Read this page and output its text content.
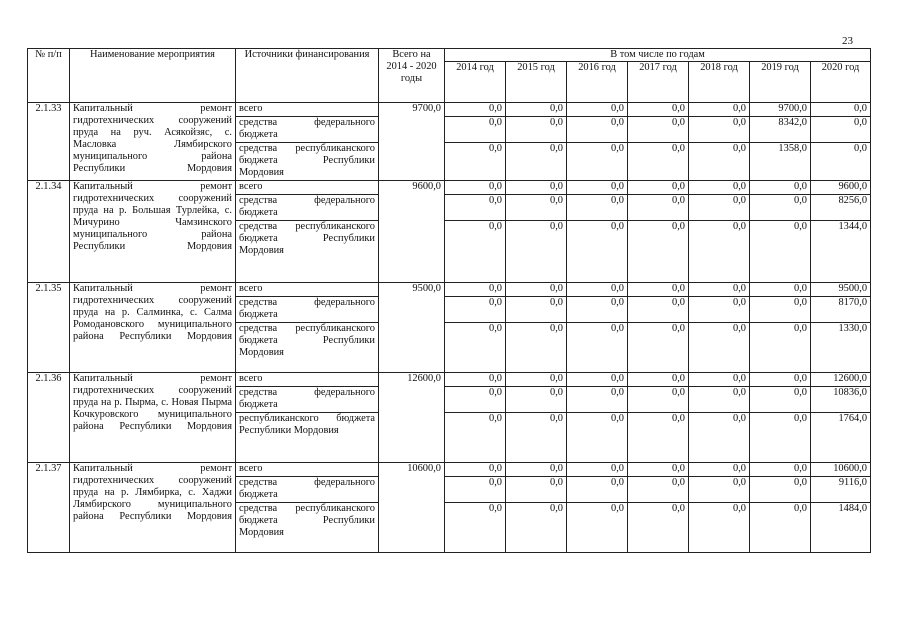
23
№ п/п	Наименование мероприятия	Источники финансирования	Всего на 2014 - 2020 годы	В том числе по годам						
				2014 год	2015 год	2016 год	2017 год	2018 год	2019 год	2020 год
2.1.33	Капитальный ремонт гидротехнических сооружений пруда на руч. Асякойзяс, с. Масловка Лямбирского муниципального района Республики Мордовия	всего	9700,0	0,0	0,0	0,0	0,0	0,0	9700,0	0,0
		средства федерального бюджета		0,0	0,0	0,0	0,0	0,0	8342,0	0,0
		средства республиканского бюджета Республики Мордовия		0,0	0,0	0,0	0,0	0,0	1358,0	0,0
2.1.34	Капитальный ремонт гидротехнических сооружений пруда на р. Большая Турлейка, с. Мичурино Чамзинского муниципального района Республики Мордовия	всего	9600,0	0,0	0,0	0,0	0,0	0,0	0,0	9600,0
		средства федерального бюджета		0,0	0,0	0,0	0,0	0,0	0,0	8256,0
		средства республиканского бюджета Республики Мордовия		0,0	0,0	0,0	0,0	0,0	0,0	1344,0
2.1.35	Капитальный ремонт гидротехнических сооружений пруда на р. Салминка, с. Салма Ромодановского муниципального района Республики Мордовия	всего	9500,0	0,0	0,0	0,0	0,0	0,0	0,0	9500,0
		средства федерального бюджета		0,0	0,0	0,0	0,0	0,0	0,0	8170,0
		средства республиканского бюджета Республики Мордовия		0,0	0,0	0,0	0,0	0,0	0,0	1330,0
2.1.36	Капитальный ремонт гидротехнических сооружений пруда на р. Пырма, с. Новая Пырма Кочкуровского муниципального района Республики Мордовия	всего	12600,0	0,0	0,0	0,0	0,0	0,0	0,0	12600,0
		средства федерального бюджета		0,0	0,0	0,0	0,0	0,0	0,0	10836,0
		республиканского бюджета Республики Мордовия		0,0	0,0	0,0	0,0	0,0	0,0	1764,0
2.1.37	Капитальный ремонт гидротехнических сооружений пруда на р. Лямбирка, с. Хаджи Лямбирского муниципального района Республики Мордовия	всего	10600,0	0,0	0,0	0,0	0,0	0,0	0,0	10600,0
		средства федерального бюджета		0,0	0,0	0,0	0,0	0,0	0,0	9116,0
		средства республиканского бюджета Республики Мордовия		0,0	0,0	0,0	0,0	0,0	0,0	1484,0
